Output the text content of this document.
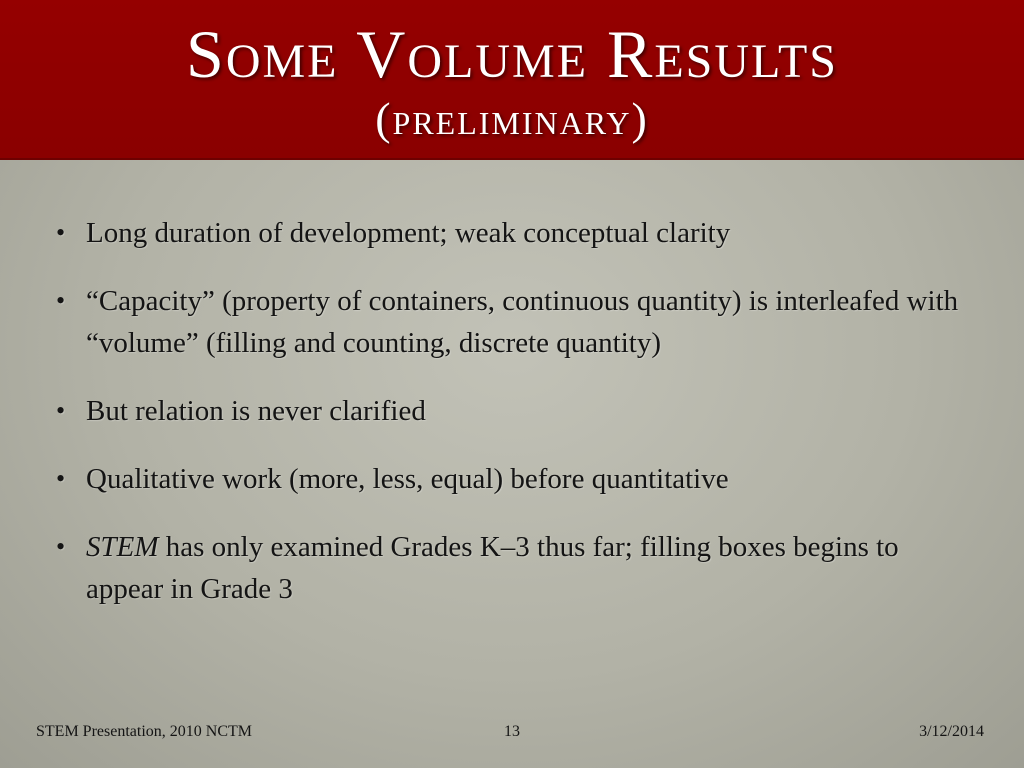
Some Volume Results
(preliminary)
• Long duration of development; weak conceptual clarity
• “Capacity” (property of containers, continuous quantity) is interleafed with “volume” (filling and counting, discrete quantity)
• But relation is never clarified
• Qualitative work (more, less, equal) before quantitative
• STEM has only examined Grades K–3 thus far; filling boxes begins to appear in Grade 3
STEM Presentation, 2010 NCTM	13	3/12/2014
